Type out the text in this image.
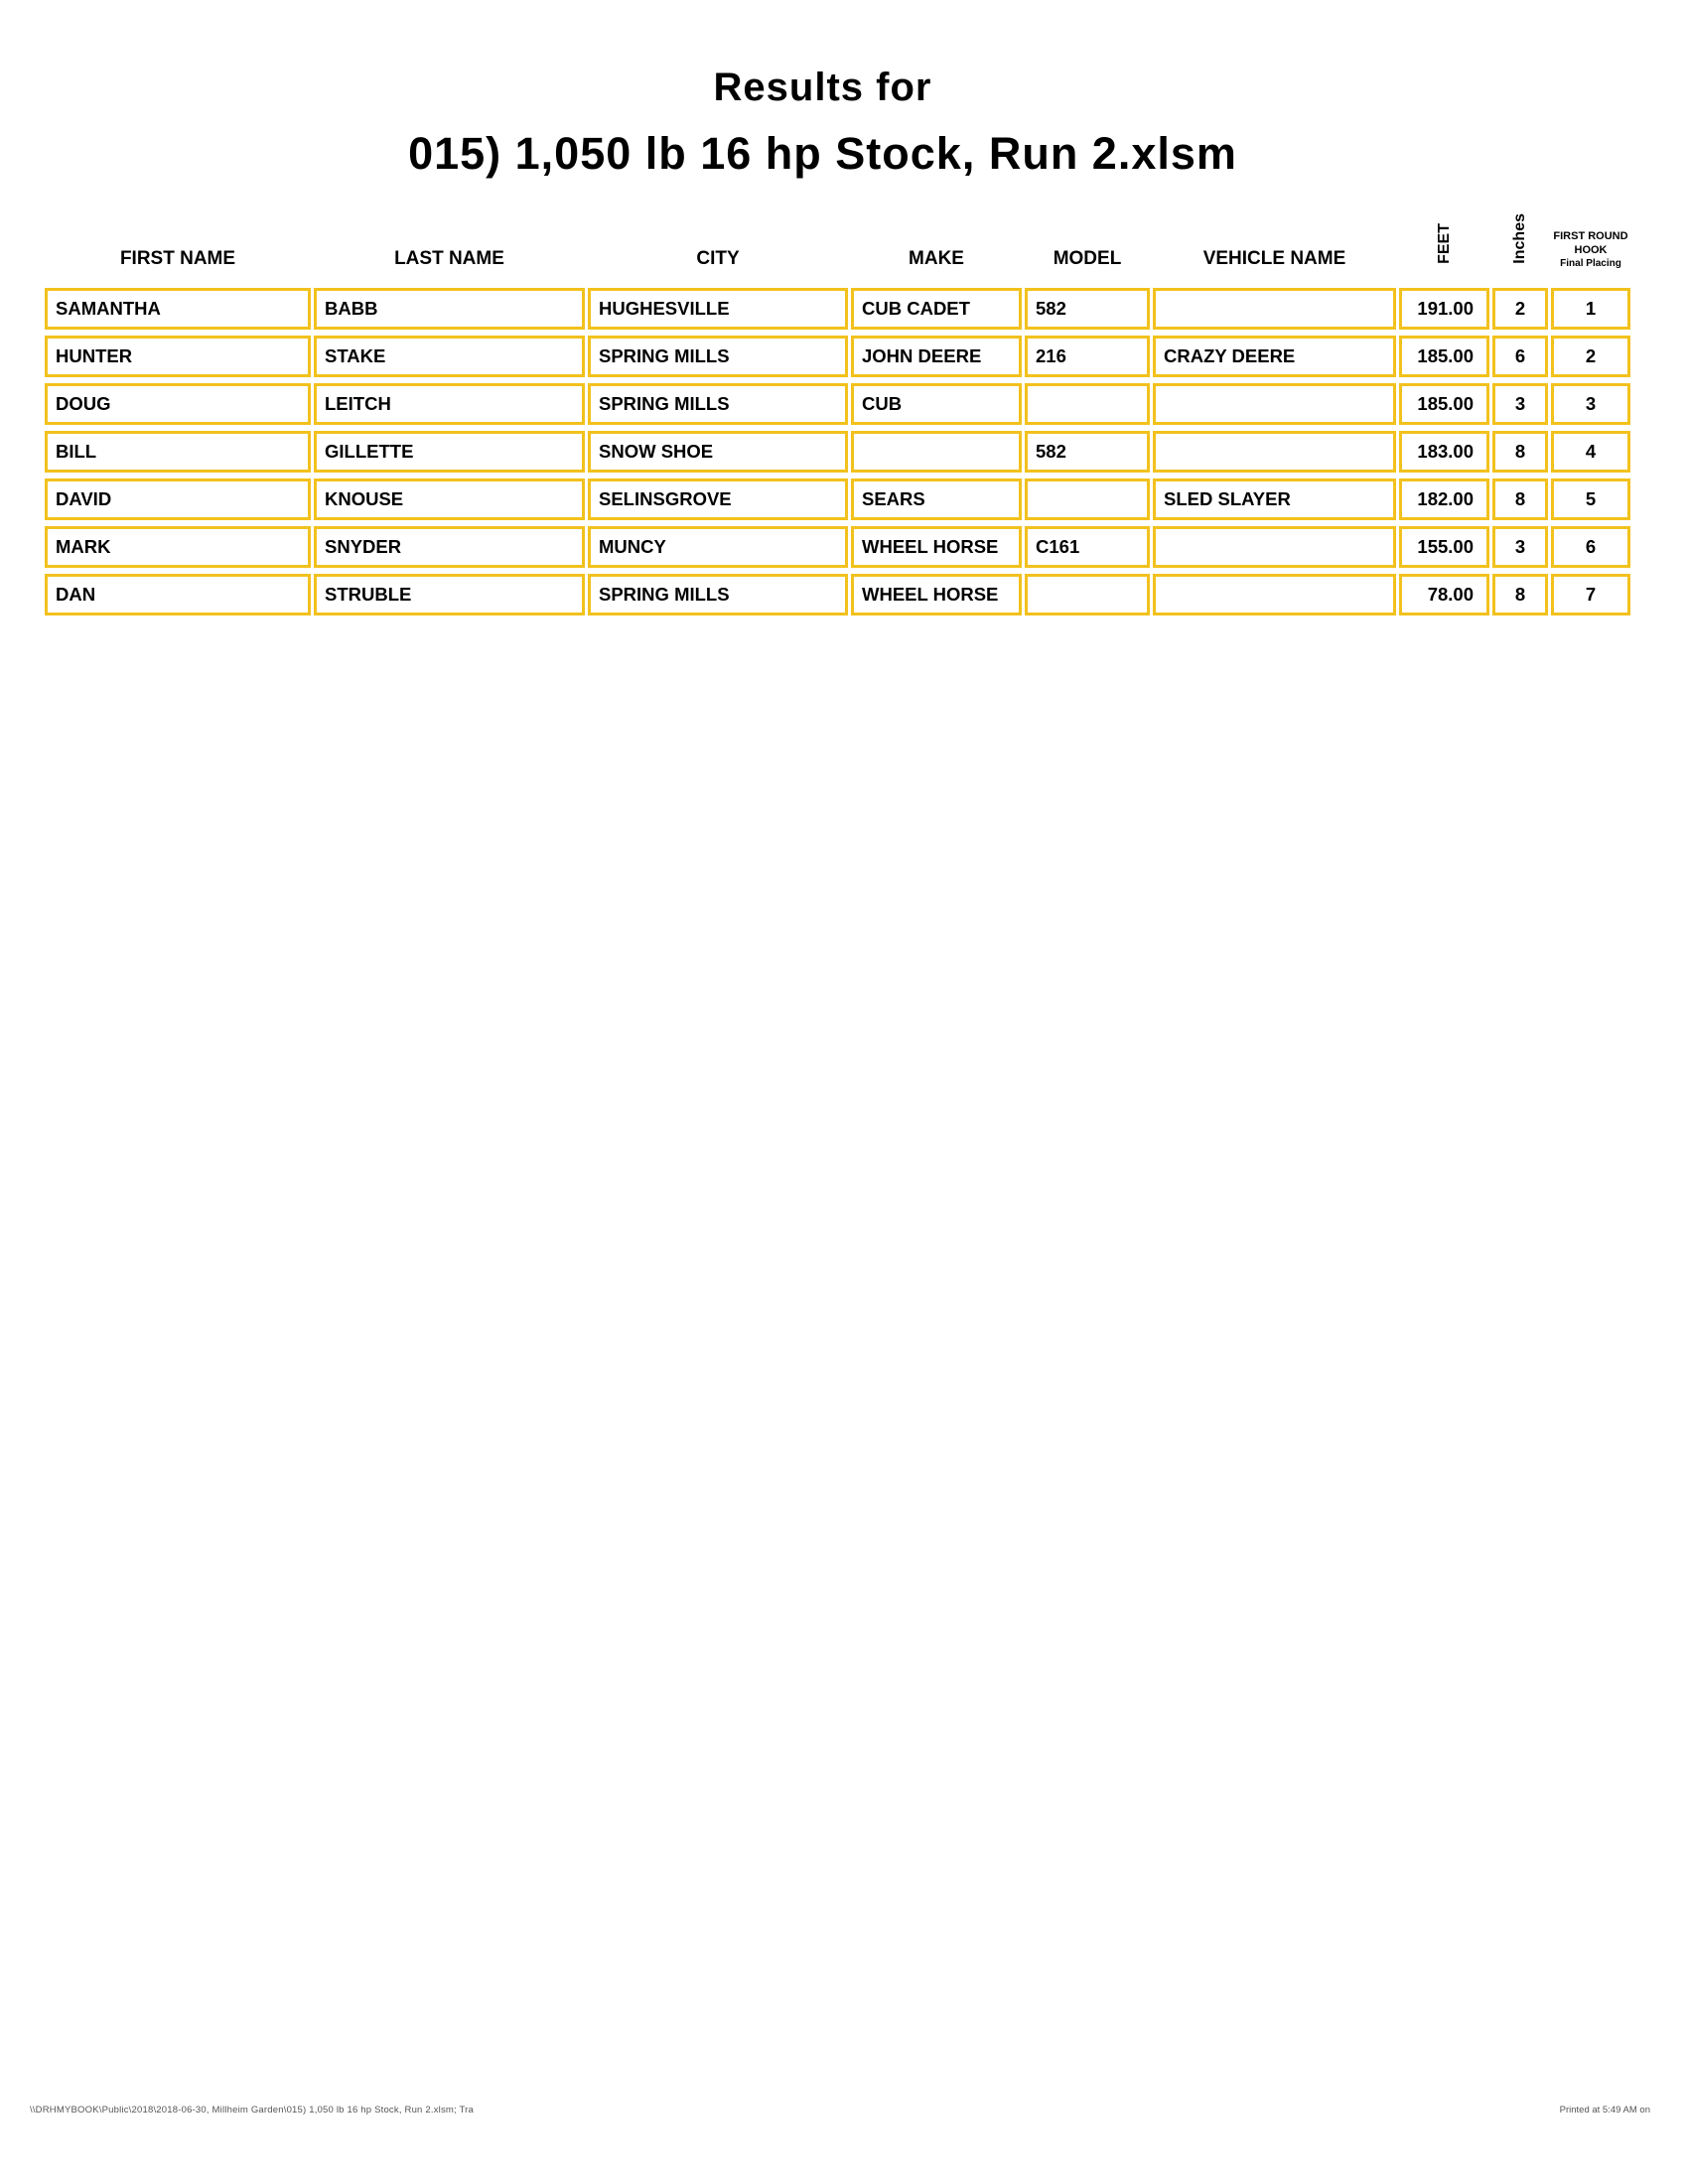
Results for
015) 1,050 lb 16 hp Stock, Run 2.xlsm
FIRST NAME	LAST NAME	CITY	MAKE	MODEL	VEHICLE NAME	FEET	Inches	FIRST ROUND
HOOK
Final Placing

SAMANTHA	BABB	HUGHESVILLE	CUB CADET	582		191.00	2	1
HUNTER	STAKE	SPRING MILLS	JOHN DEERE	216	CRAZY DEERE	185.00	6	2
DOUG	LEITCH	SPRING MILLS	CUB			185.00	3	3
BILL	GILLETTE	SNOW SHOE		582		183.00	8	4
DAVID	KNOUSE	SELINSGROVE	SEARS		SLED SLAYER	182.00	8	5
MARK	SNYDER	MUNCY	WHEEL HORSE	C161		155.00	3	6
DAN	STRUBLE	SPRING MILLS	WHEEL HORSE			78.00	8	7
\\DRHMYBOOK\Public\2018\2018-06-30, Millheim Garden\015) 1,050 lb 16 hp Stock, Run 2.xlsm; Tra	Printed at 5:49 AM on
